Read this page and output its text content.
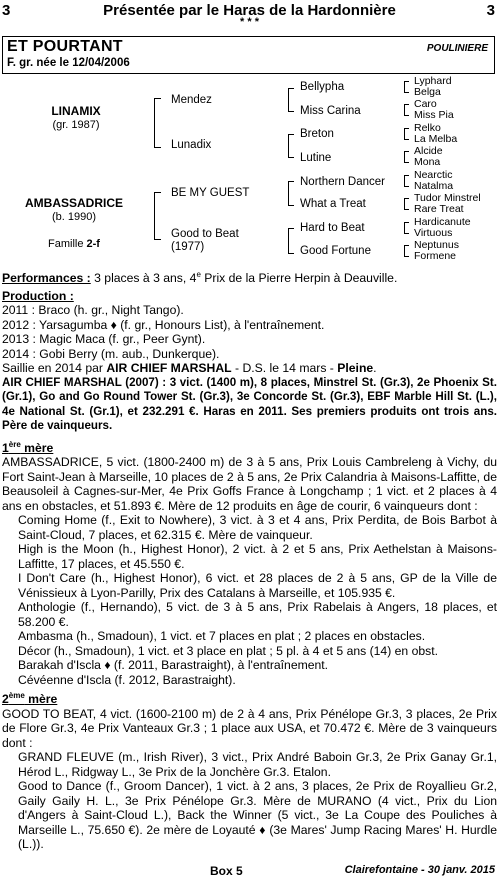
3	Présentée par le Haras de la Hardonnière	3
* * *
ET POURTANT	POULINIERE
F. gr. née le 12/04/2006
LINAMIX
(gr. 1987)
AMBASSADRICE
(b. 1990)
Famille 2-f
Mendez
Lunadix
BE MY GUEST
Good to Beat
(1977)
Bellypha
Miss Carina
Breton
Lutine
Northern Dancer
What a Treat
Hard to Beat
Good Fortune
Lyphard
Belga
Caro
Miss Pia
Relko
La Melba
Alcide
Mona
Nearctic
Natalma
Tudor Minstrel
Rare Treat
Hardicanute
Virtuous
Neptunus
Formene

Performances : 3 places à 3 ans, 4e Prix de la Pierre Herpin à Deauville.

Production :

2011 : Braco (h. gr., Night Tango).

2012 : Yarsagumba ♦ (f. gr., Honours List), à l'entraînement.

2013 : Magic Maca (f. gr., Peer Gynt).

2014 : Gobi Berry (m. aub., Dunkerque).

Saillie en 2014 par AIR CHIEF MARSHAL - D.S. le 14 mars - Pleine.

AIR CHIEF MARSHAL (2007) : 3 vict. (1400 m), 8 places, Minstrel St. (Gr.3), 2e Phoenix St. (Gr.1), Go and Go Round Tower St. (Gr.3), 3e Concorde St. (Gr.3), EBF Marble Hill St. (L.), 4e National St. (Gr.1), et 232.291 €. Haras en 2011. Ses premiers produits ont trois ans. Père de vainqueurs.

1ère mère

AMBASSADRICE, 5 vict. (1800-2400 m) de 3 à 5 ans, Prix Louis Cambreleng à Vichy, du Fort Saint-Jean à Marseille, 10 places de 2 à 5 ans, 2e Prix Calandria à Maisons-Laffitte, de Beausoleil à Cagnes-sur-Mer, 4e Prix Goffs France à Longchamp ; 1 vict. et 2 places à 4 ans en obstacles, et 51.893 €. Mère de 12 produits en âge de courir, 6 vainqueurs dont :

Coming Home (f., Exit to Nowhere), 3 vict. à 3 et 4 ans, Prix Perdita, de Bois Barbot à Saint-Cloud, 7 places, et 62.315 €. Mère de vainqueur.

High is the Moon (h., Highest Honor), 2 vict. à 2 et 5 ans, Prix Aethelstan à Maisons-Laffitte, 17 places, et 45.550 €.

I Don't Care (h., Highest Honor), 6 vict. et 28 places de 2 à 5 ans, GP de la Ville de Vénissieux à Lyon-Parilly, Prix des Catalans à Marseille, et 105.935 €.

Anthologie (f., Hernando), 5 vict. de 3 à 5 ans, Prix Rabelais à Angers, 18 places, et 58.200 €.

Ambasma (h., Smadoun), 1 vict. et 7 places en plat ; 2 places en obstacles.

Décor (h., Smadoun), 1 vict. et 3 place en plat ; 5 pl. à 4 et 5 ans (14) en obst.

Barakah d'Iscla ♦ (f. 2011, Barastraight), à l'entraînement.

Cévéenne d'Iscla (f. 2012, Barastraight).

2ème mère

GOOD TO BEAT, 4 vict. (1600-2100 m) de 2 à 4 ans, Prix Pénélope Gr.3, 3 places, 2e Prix de Flore Gr.3, 4e Prix Vanteaux Gr.3 ; 1 place aux USA, et 70.472 €. Mère de 3 vainqueurs dont :

GRAND FLEUVE (m., Irish River), 3 vict., Prix André Baboin Gr.3, 2e Prix Ganay Gr.1, Hérod L., Ridgway L., 3e Prix de la Jonchère Gr.3. Etalon.

Good to Dance (f., Groom Dancer), 1 vict. à 2 ans, 3 places, 2e Prix de Royallieu Gr.2, Gaily Gaily H. L., 3e Prix Pénélope Gr.3. Mère de MURANO (4 vict., Prix du Lion d'Angers à Saint-Cloud L.), Back the Winner (5 vict., 3e La Coupe des Pouliches à Marseille L., 75.650 €). 2e mère de Loyauté ♦ (3e Mares' Jump Racing Mares' H. Hurdle (L.)).

Box 5	Clairefontaine - 30 janv. 2015
